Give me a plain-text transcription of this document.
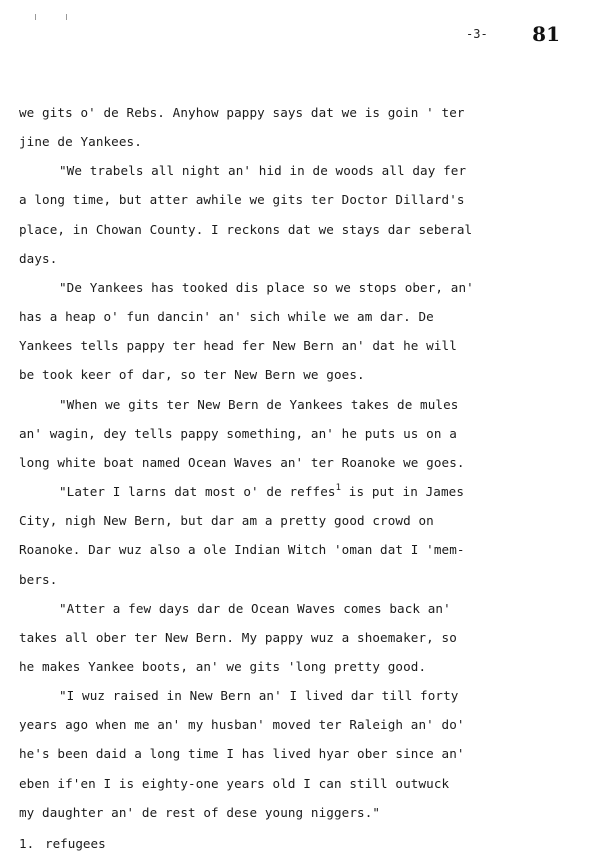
-3- 81
we gits o' de Rebs. Anyhow pappy says dat we is goin ' ter
jine de Yankees.
"We trabels all night an' hid in de woods all day fer
a long time, but atter awhile we gits ter Doctor Dillard's
place, in Chowan County. I reckons dat we stays dar seberal
days.
"De Yankees has tooked dis place so we stops ober, an'
has a heap o' fun dancin' an' sich while we am dar. De
Yankees tells pappy ter head fer New Bern an' dat he will
be took keer of dar, so ter New Bern we goes.
"When we gits ter New Bern de Yankees takes de mules
an' wagin, dey tells pappy something, an' he puts us on a
long white boat named Ocean Waves an' ter Roanoke we goes.
"Later I larns dat most o' de reffes$^1$ is put in James
City, nigh New Bern, but dar am a pretty good crowd on
Roanoke. Dar wuz also a ole Indian Witch 'oman dat I 'mem-
bers.
"Atter a few days dar de Ocean Waves comes back an'
takes all ober ter New Bern. My pappy wuz a shoemaker, so
he makes Yankee boots, an' we gits 'long pretty good.
"I wuz raised in New Bern an' I lived dar till forty
years ago when me an' my husban' moved ter Raleigh an' do'
he's been daid a long time I has lived hyar ober since an'
eben if'en I is eighty-one years old I can still outwuck
my daughter an' de rest of dese young niggers."
1. refugees
